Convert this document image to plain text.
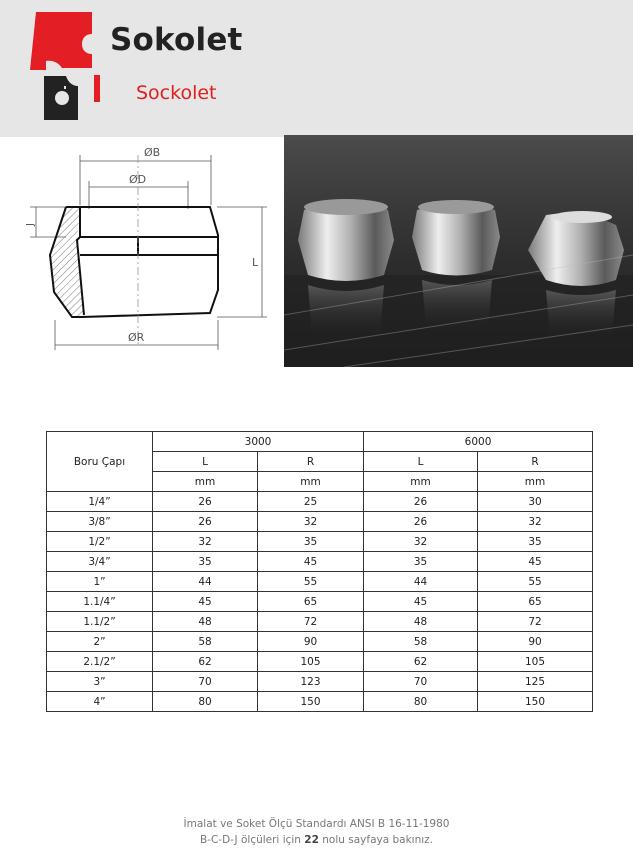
Sokolet
Sockolet
ØB
ØD
J
L
ØR
Boru Çapı	3000		6000	
	L	R	L	R
	mm	mm	mm	mm
1/4”	26	25	26	30
3/8”	26	32	26	32
1/2”	32	35	32	35
3/4”	35	45	35	45
1”	44	55	44	55
1.1/4”	45	65	45	65
1.1/2”	48	72	48	72
2”	58	90	58	90
2.1/2”	62	105	62	105
3”	70	123	70	125
4”	80	150	80	150
İmalat ve Soket Ölçü Standardı ANSI B 16-11-1980
B-C-D-J ölçüleri için 22 nolu sayfaya bakınız.
